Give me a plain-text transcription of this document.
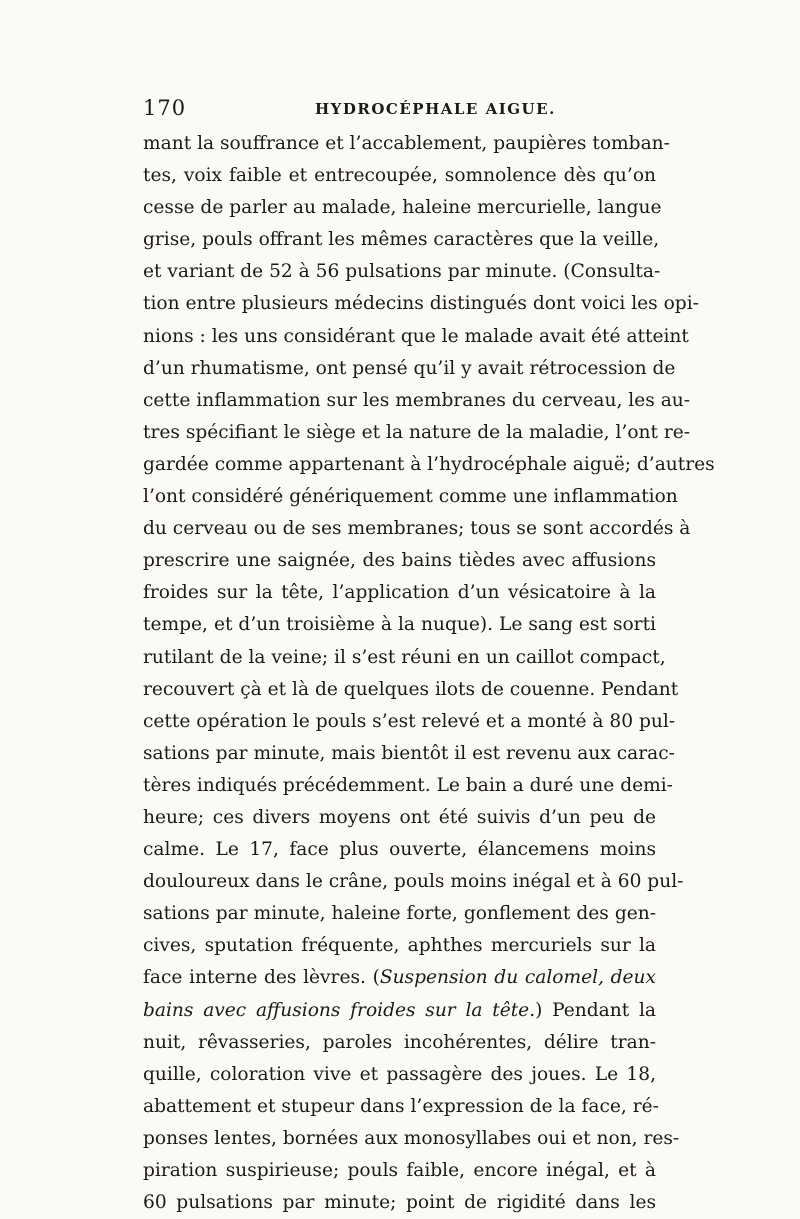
170	HYDROCÉPHALE AIGUE.
mant la souffrance et l’accablement, paupières tomban-
tes, voix faible et entrecoupée, somnolence dès qu’on
cesse de parler au malade, haleine mercurielle, langue
grise, pouls offrant les mêmes caractères que la veille,
et variant de 52 à 56 pulsations par minute. (Consulta-
tion entre plusieurs médecins distingués dont voici les opi-
nions : les uns considérant que le malade avait été atteint
d’un rhumatisme, ont pensé qu’il y avait rétrocession de
cette inflammation sur les membranes du cerveau, les au-
tres spécifiant le siège et la nature de la maladie, l’ont re-
gardée comme appartenant à l’hydrocéphale aiguë; d’autres
l’ont considéré génériquement comme une inflammation
du cerveau ou de ses membranes; tous se sont accordés à
prescrire une saignée, des bains tièdes avec affusions
froides sur la tête, l’application d’un vésicatoire à la
tempe, et d’un troisième à la nuque). Le sang est sorti
rutilant de la veine; il s’est réuni en un caillot compact,
recouvert çà et là de quelques ilots de couenne. Pendant
cette opération le pouls s’est relevé et a monté à 80 pul-
sations par minute, mais bientôt il est revenu aux carac-
tères indiqués précédemment. Le bain a duré une demi-
heure; ces divers moyens ont été suivis d’un peu de
calme. Le 17, face plus ouverte, élancemens moins
douloureux dans le crâne, pouls moins inégal et à 60 pul-
sations par minute, haleine forte, gonflement des gen-
cives, sputation fréquente, aphthes mercuriels sur la
face interne des lèvres. (Suspension du calomel, deux
bains avec affusions froides sur la tête.) Pendant la
nuit, rêvasseries, paroles incohérentes, délire tran-
quille, coloration vive et passagère des joues. Le 18,
abattement et stupeur dans l’expression de la face, ré-
ponses lentes, bornées aux monosyllabes oui et non, res-
piration suspirieuse; pouls faible, encore inégal, et à
60 pulsations par minute; point de rigidité dans les
